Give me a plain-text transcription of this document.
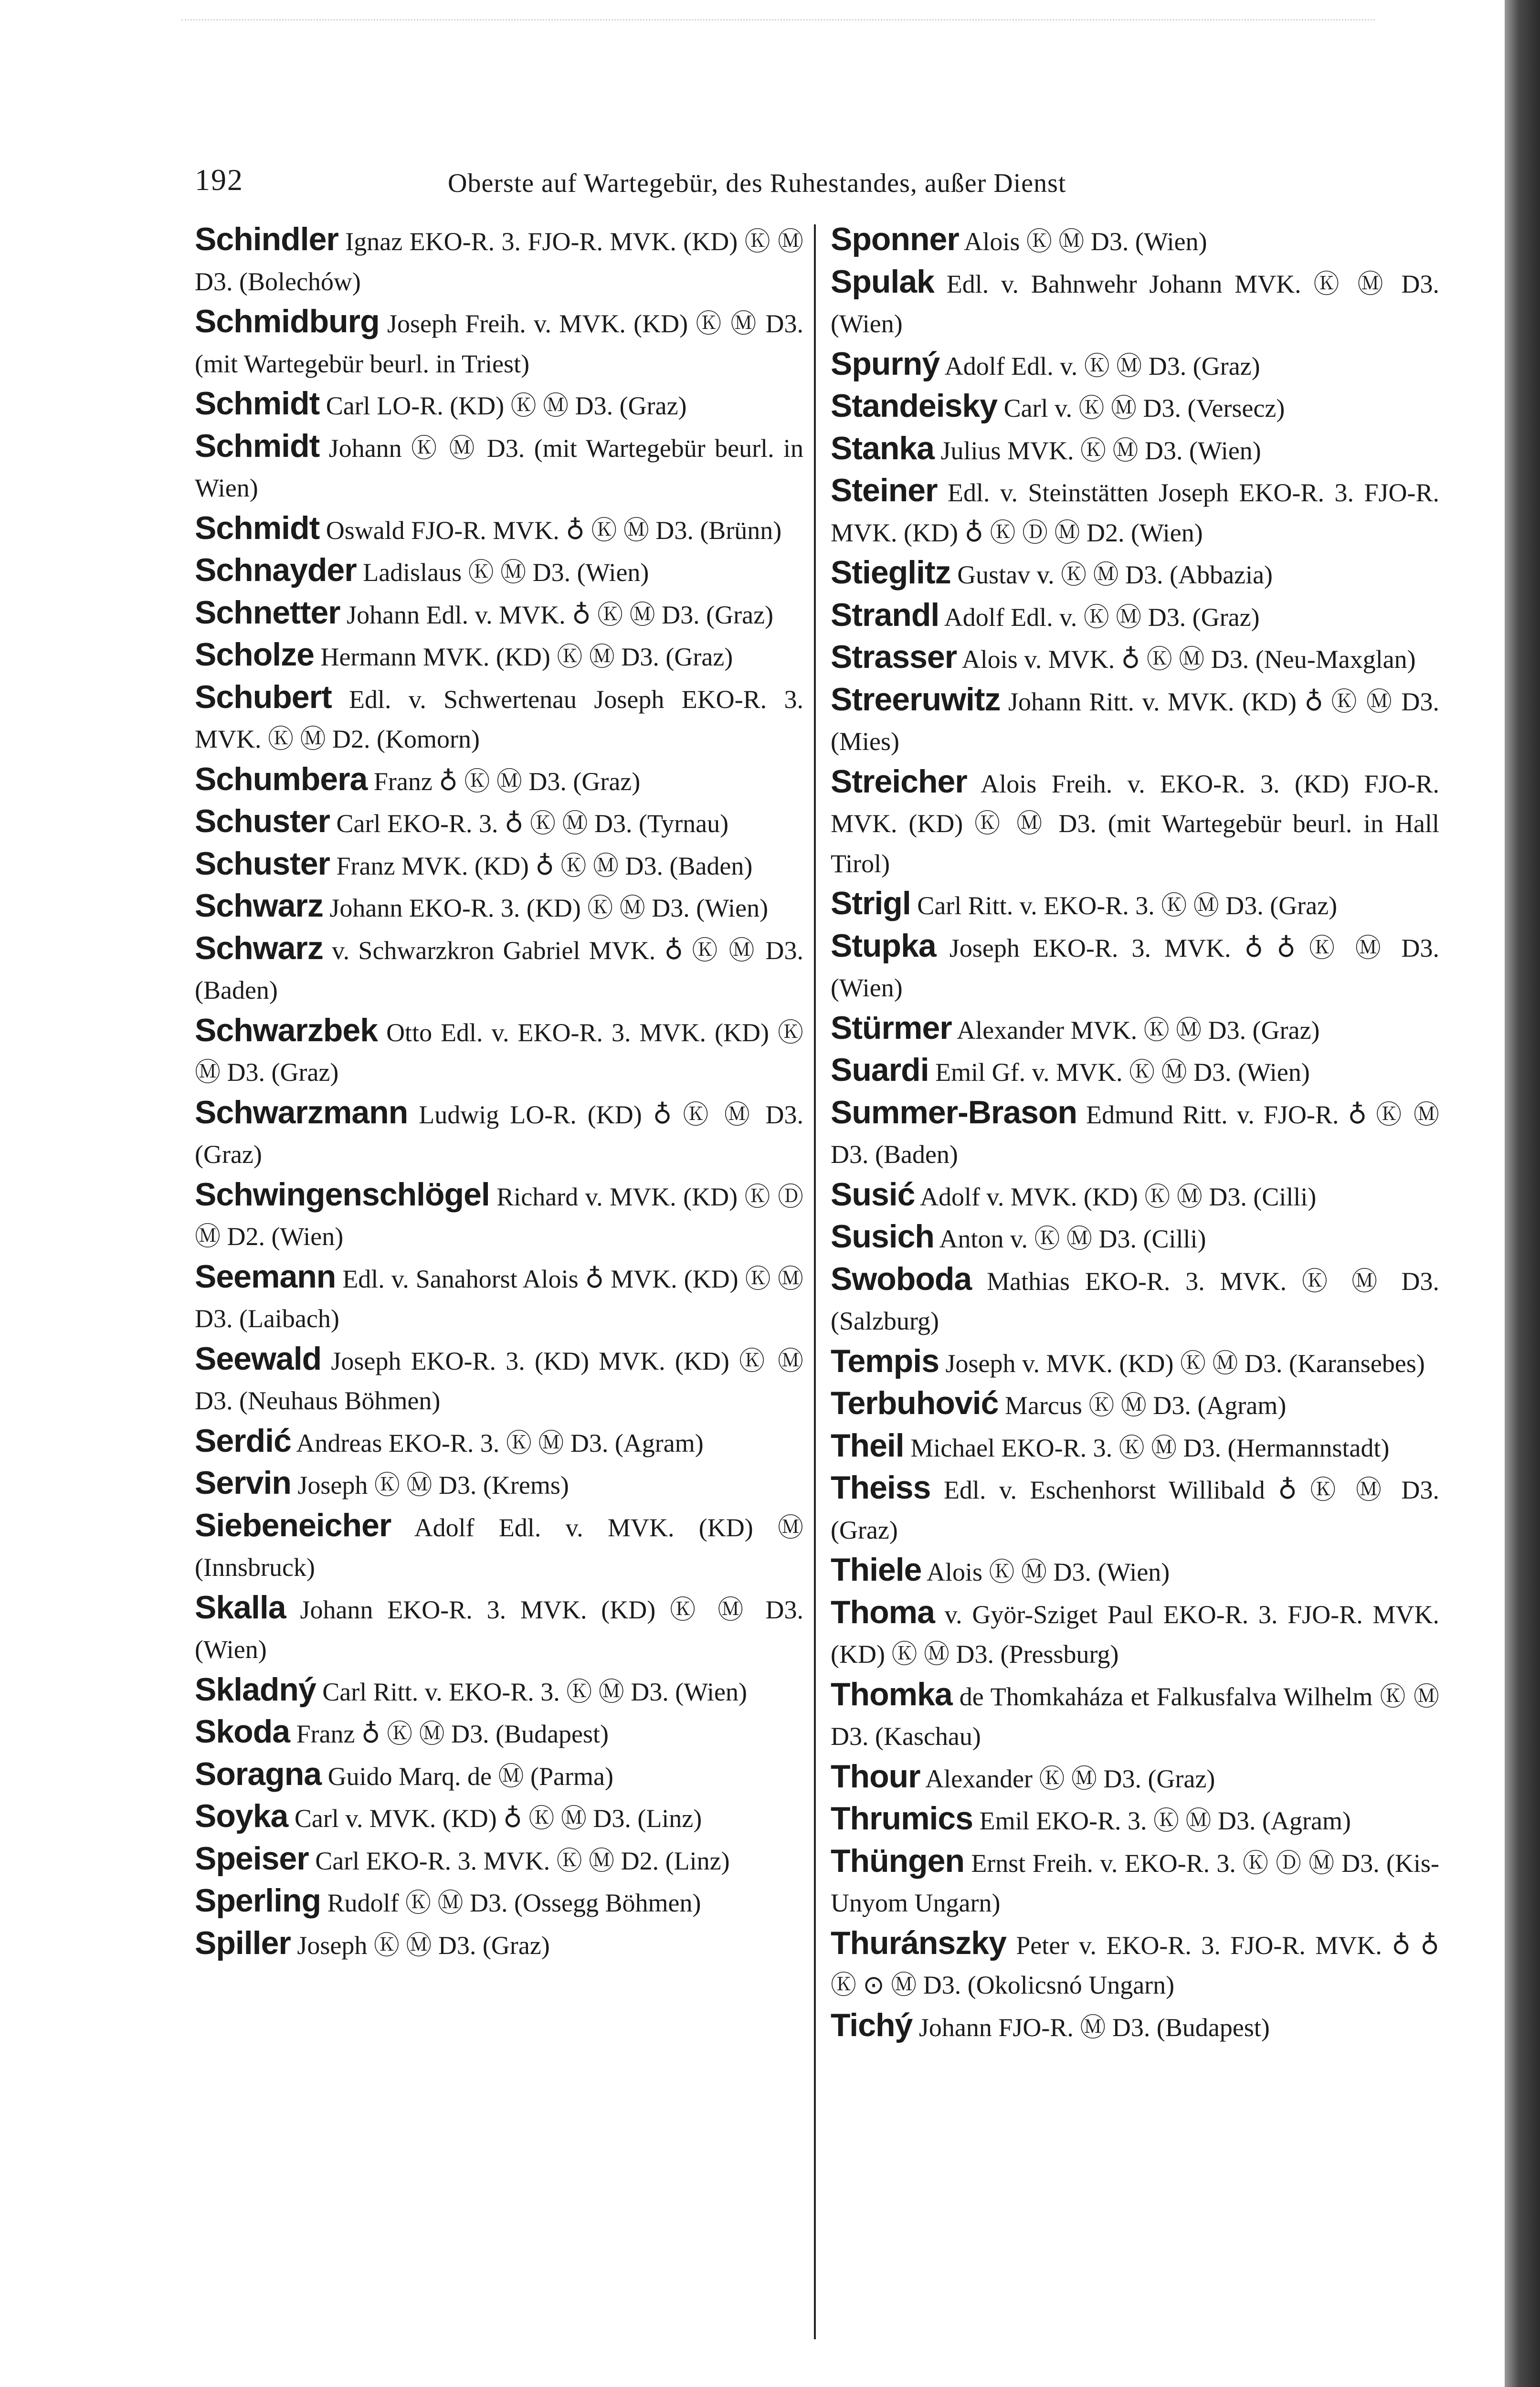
192	Oberste auf Wartegebür, des Ruhestandes, außer Dienst
Schindler Ignaz EKO-R. 3. FJO-R. MVK. (KD) Ⓚ Ⓜ D3. (Bolechów)
Schmidburg Joseph Freih. v. MVK. (KD) Ⓚ Ⓜ D3. (mit Wartegebür beurl. in Triest)
Schmidt Carl LO-R. (KD) Ⓚ Ⓜ D3. (Graz)
Schmidt Johann Ⓚ Ⓜ D3. (mit Wartegebür beurl. in Wien)
Schmidt Oswald FJO-R. MVK. ♁ Ⓚ Ⓜ D3. (Brünn)
Schnayder Ladislaus Ⓚ Ⓜ D3. (Wien)
Schnetter Johann Edl. v. MVK. ♁ Ⓚ Ⓜ D3. (Graz)
Scholze Hermann MVK. (KD) Ⓚ Ⓜ D3. (Graz)
Schubert Edl. v. Schwertenau Joseph EKO-R. 3. MVK. Ⓚ Ⓜ D2. (Komorn)
Schumbera Franz ♁ Ⓚ Ⓜ D3. (Graz)
Schuster Carl EKO-R. 3. ♁ Ⓚ Ⓜ D3. (Tyrnau)
Schuster Franz MVK. (KD) ♁ Ⓚ Ⓜ D3. (Baden)
Schwarz Johann EKO-R. 3. (KD) Ⓚ Ⓜ D3. (Wien)
Schwarz v. Schwarzkron Gabriel MVK. ♁ Ⓚ Ⓜ D3. (Baden)
Schwarzbek Otto Edl. v. EKO-R. 3. MVK. (KD) Ⓚ Ⓜ D3. (Graz)
Schwarzmann Ludwig LO-R. (KD) ♁ Ⓚ Ⓜ D3. (Graz)
Schwingenschlögel Richard v. MVK. (KD) Ⓚ Ⓓ Ⓜ D2. (Wien)
Seemann Edl. v. Sanahorst Alois ♁ MVK. (KD) Ⓚ Ⓜ D3. (Laibach)
Seewald Joseph EKO-R. 3. (KD) MVK. (KD) Ⓚ Ⓜ D3. (Neuhaus Böhmen)
Serdić Andreas EKO-R. 3. Ⓚ Ⓜ D3. (Agram)
Servin Joseph Ⓚ Ⓜ D3. (Krems)
Siebeneicher Adolf Edl. v. MVK. (KD) Ⓜ (Innsbruck)
Skalla Johann EKO-R. 3. MVK. (KD) Ⓚ Ⓜ D3. (Wien)
Skladný Carl Ritt. v. EKO-R. 3. Ⓚ Ⓜ D3. (Wien)
Skoda Franz ♁ Ⓚ Ⓜ D3. (Budapest)
Soragna Guido Marq. de Ⓜ (Parma)
Soyka Carl v. MVK. (KD) ♁ Ⓚ Ⓜ D3. (Linz)
Speiser Carl EKO-R. 3. MVK. Ⓚ Ⓜ D2. (Linz)
Sperling Rudolf Ⓚ Ⓜ D3. (Ossegg Böhmen)
Spiller Joseph Ⓚ Ⓜ D3. (Graz)
Sponner Alois Ⓚ Ⓜ D3. (Wien)
Spulak Edl. v. Bahnwehr Johann MVK. Ⓚ Ⓜ D3. (Wien)
Spurný Adolf Edl. v. Ⓚ Ⓜ D3. (Graz)
Standeisky Carl v. Ⓚ Ⓜ D3. (Versecz)
Stanka Julius MVK. Ⓚ Ⓜ D3. (Wien)
Steiner Edl. v. Steinstätten Joseph EKO-R. 3. FJO-R. MVK. (KD) ♁ Ⓚ Ⓓ Ⓜ D2. (Wien)
Stieglitz Gustav v. Ⓚ Ⓜ D3. (Abbazia)
Strandl Adolf Edl. v. Ⓚ Ⓜ D3. (Graz)
Strasser Alois v. MVK. ♁ Ⓚ Ⓜ D3. (Neu-Maxglan)
Streeruwitz Johann Ritt. v. MVK. (KD) ♁ Ⓚ Ⓜ D3. (Mies)
Streicher Alois Freih. v. EKO-R. 3. (KD) FJO-R. MVK. (KD) Ⓚ Ⓜ D3. (mit Wartegebür beurl. in Hall Tirol)
Strigl Carl Ritt. v. EKO-R. 3. Ⓚ Ⓜ D3. (Graz)
Stupka Joseph EKO-R. 3. MVK. ♁ ♁ Ⓚ Ⓜ D3. (Wien)
Stürmer Alexander MVK. Ⓚ Ⓜ D3. (Graz)
Suardi Emil Gf. v. MVK. Ⓚ Ⓜ D3. (Wien)
Summer-Brason Edmund Ritt. v. FJO-R. ♁ Ⓚ Ⓜ D3. (Baden)
Susić Adolf v. MVK. (KD) Ⓚ Ⓜ D3. (Cilli)
Susich Anton v. Ⓚ Ⓜ D3. (Cilli)
Swoboda Mathias EKO-R. 3. MVK. Ⓚ Ⓜ D3. (Salzburg)
Tempis Joseph v. MVK. (KD) Ⓚ Ⓜ D3. (Karansebes)
Terbuhović Marcus Ⓚ Ⓜ D3. (Agram)
Theil Michael EKO-R. 3. Ⓚ Ⓜ D3. (Hermannstadt)
Theiss Edl. v. Eschenhorst Willibald ♁ Ⓚ Ⓜ D3. (Graz)
Thiele Alois Ⓚ Ⓜ D3. (Wien)
Thoma v. Györ-Sziget Paul EKO-R. 3. FJO-R. MVK. (KD) Ⓚ Ⓜ D3. (Pressburg)
Thomka de Thomkaháza et Falkusfalva Wilhelm Ⓚ Ⓜ D3. (Kaschau)
Thour Alexander Ⓚ Ⓜ D3. (Graz)
Thrumics Emil EKO-R. 3. Ⓚ Ⓜ D3. (Agram)
Thüngen Ernst Freih. v. EKO-R. 3. Ⓚ Ⓓ Ⓜ D3. (Kis-Unyom Ungarn)
Thuránszky Peter v. EKO-R. 3. FJO-R. MVK. ♁ ♁ Ⓚ ⊙ Ⓜ D3. (Okolicsnó Ungarn)
Tichý Johann FJO-R. Ⓜ D3. (Budapest)
